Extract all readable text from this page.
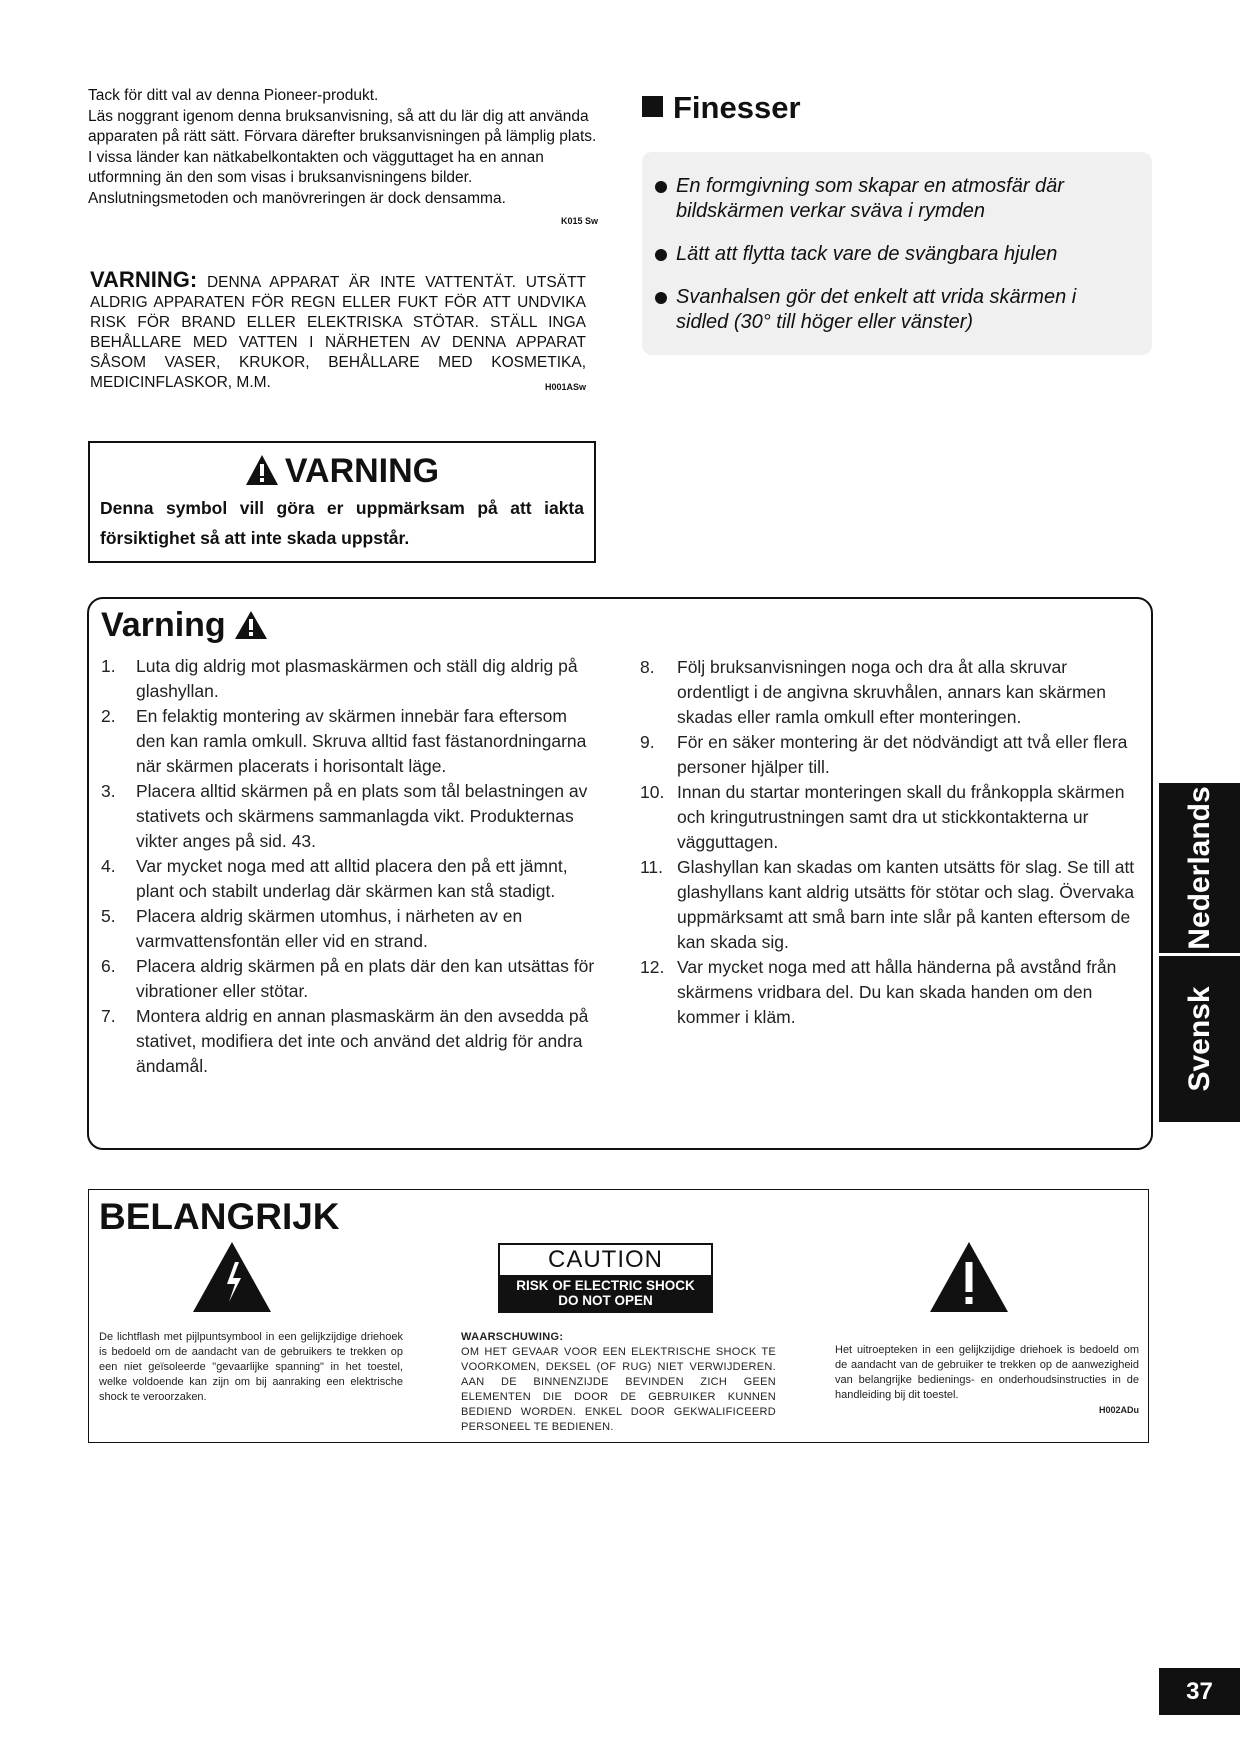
Tack för ditt val av denna Pioneer-produkt.

Läs noggrant igenom denna bruksanvisning, så att du lär dig att använda apparaten på rätt sätt. Förvara därefter bruksanvisningen på lämplig plats.

I vissa länder kan nätkabelkontakten och vägguttaget ha en annan utformning än den som visas i bruksanvisningens bilder. Anslutningsmetoden och manövreringen är dock densamma.

K015 Sw
VARNING: DENNA APPARAT ÄR INTE VATTENTÄT. UTSÄTT ALDRIG APPARATEN FÖR REGN ELLER FUKT FÖR ATT UNDVIKA RISK FÖR BRAND ELLER ELEKTRISKA STÖTAR. STÄLL INGA BEHÅLLARE MED VATTEN I NÄRHETEN AV DENNA APPARAT SÅSOM VASER, KRUKOR, BEHÅLLARE MED KOSMETIKA, MEDICINFLASKOR, M.M.	H001ASw
Finesser
En formgivning som skapar en atmosfär där bildskärmen verkar sväva i rymden
Lätt att flytta tack vare de svängbara hjulen
Svanhalsen gör det enkelt att vrida skärmen i sidled (30° till höger eller vänster)
VARNING
Denna symbol vill göra er uppmärksam på att iakta försiktighet så att inte skada uppstår.
Varning
1.	Luta dig aldrig mot plasmaskärmen och ställ dig aldrig på glashyllan.
2.	En felaktig montering av skärmen innebär fara eftersom den kan ramla omkull. Skruva alltid fast fästanordningarna när skärmen placerats i horisontalt läge.
3.	Placera alltid skärmen på en plats som tål belastningen av stativets och skärmens sammanlagda vikt. Produkternas vikter anges på sid. 43.
4.	Var mycket noga med att alltid placera den på ett jämnt, plant och stabilt underlag där skärmen kan stå stadigt.
5.	Placera aldrig skärmen utomhus, i närheten av en varmvattensfontän eller vid en strand.
6.	Placera aldrig skärmen på en plats där den kan utsättas för vibrationer eller stötar.
7.	Montera aldrig en annan plasmaskärm än den avsedda på stativet, modifiera det inte och använd det aldrig för andra ändamål.
8.	Följ bruksanvisningen noga och dra åt alla skruvar ordentligt i de angivna skruvhålen, annars kan skärmen skadas eller ramla omkull efter monteringen.
9.	För en säker montering är det nödvändigt att två eller flera personer hjälper till.
10. Innan du startar monteringen skall du frånkoppla skärmen och kringutrustningen samt dra ut stickkontakterna ur vägguttagen.
11. Glashyllan kan skadas om kanten utsätts för slag. Se till att glashyllans kant aldrig utsätts för stötar och slag. Övervaka uppmärksamt att små barn inte slår på kanten eftersom de kan skada sig.
12. Var mycket noga med att hålla händerna på avstånd från skärmens vridbara del. Du kan skada handen om den kommer i kläm.
Nederlands
Svensk
BELANGRIJK
CAUTION
RISK OF ELECTRIC SHOCK
DO NOT OPEN
De lichtflash met pijlpuntsymbool in een gelijkzijdige driehoek is bedoeld om de aandacht van de gebruikers te trekken op een niet geïsoleerde "gevaarlijke spanning" in het toestel, welke voldoende kan zijn om bij aanraking een elektrische shock te veroorzaken.
WAARSCHUWING:
OM HET GEVAAR VOOR EEN ELEKTRISCHE SHOCK TE VOORKOMEN, DEKSEL (OF RUG) NIET VERWIJDEREN. AAN DE BINNENZIJDE BEVINDEN ZICH GEEN ELEMENTEN DIE DOOR DE GEBRUIKER KUNNEN BEDIEND WORDEN. ENKEL DOOR GEKWALIFICEERD PERSONEEL TE BEDIENEN.
Het uitroepteken in een gelijkzijdige driehoek is bedoeld om de aandacht van de gebruiker te trekken op de aanwezigheid van belangrijke bedienings- en onderhoudsinstructies in de handleiding bij dit toestel.
H002ADu
37
